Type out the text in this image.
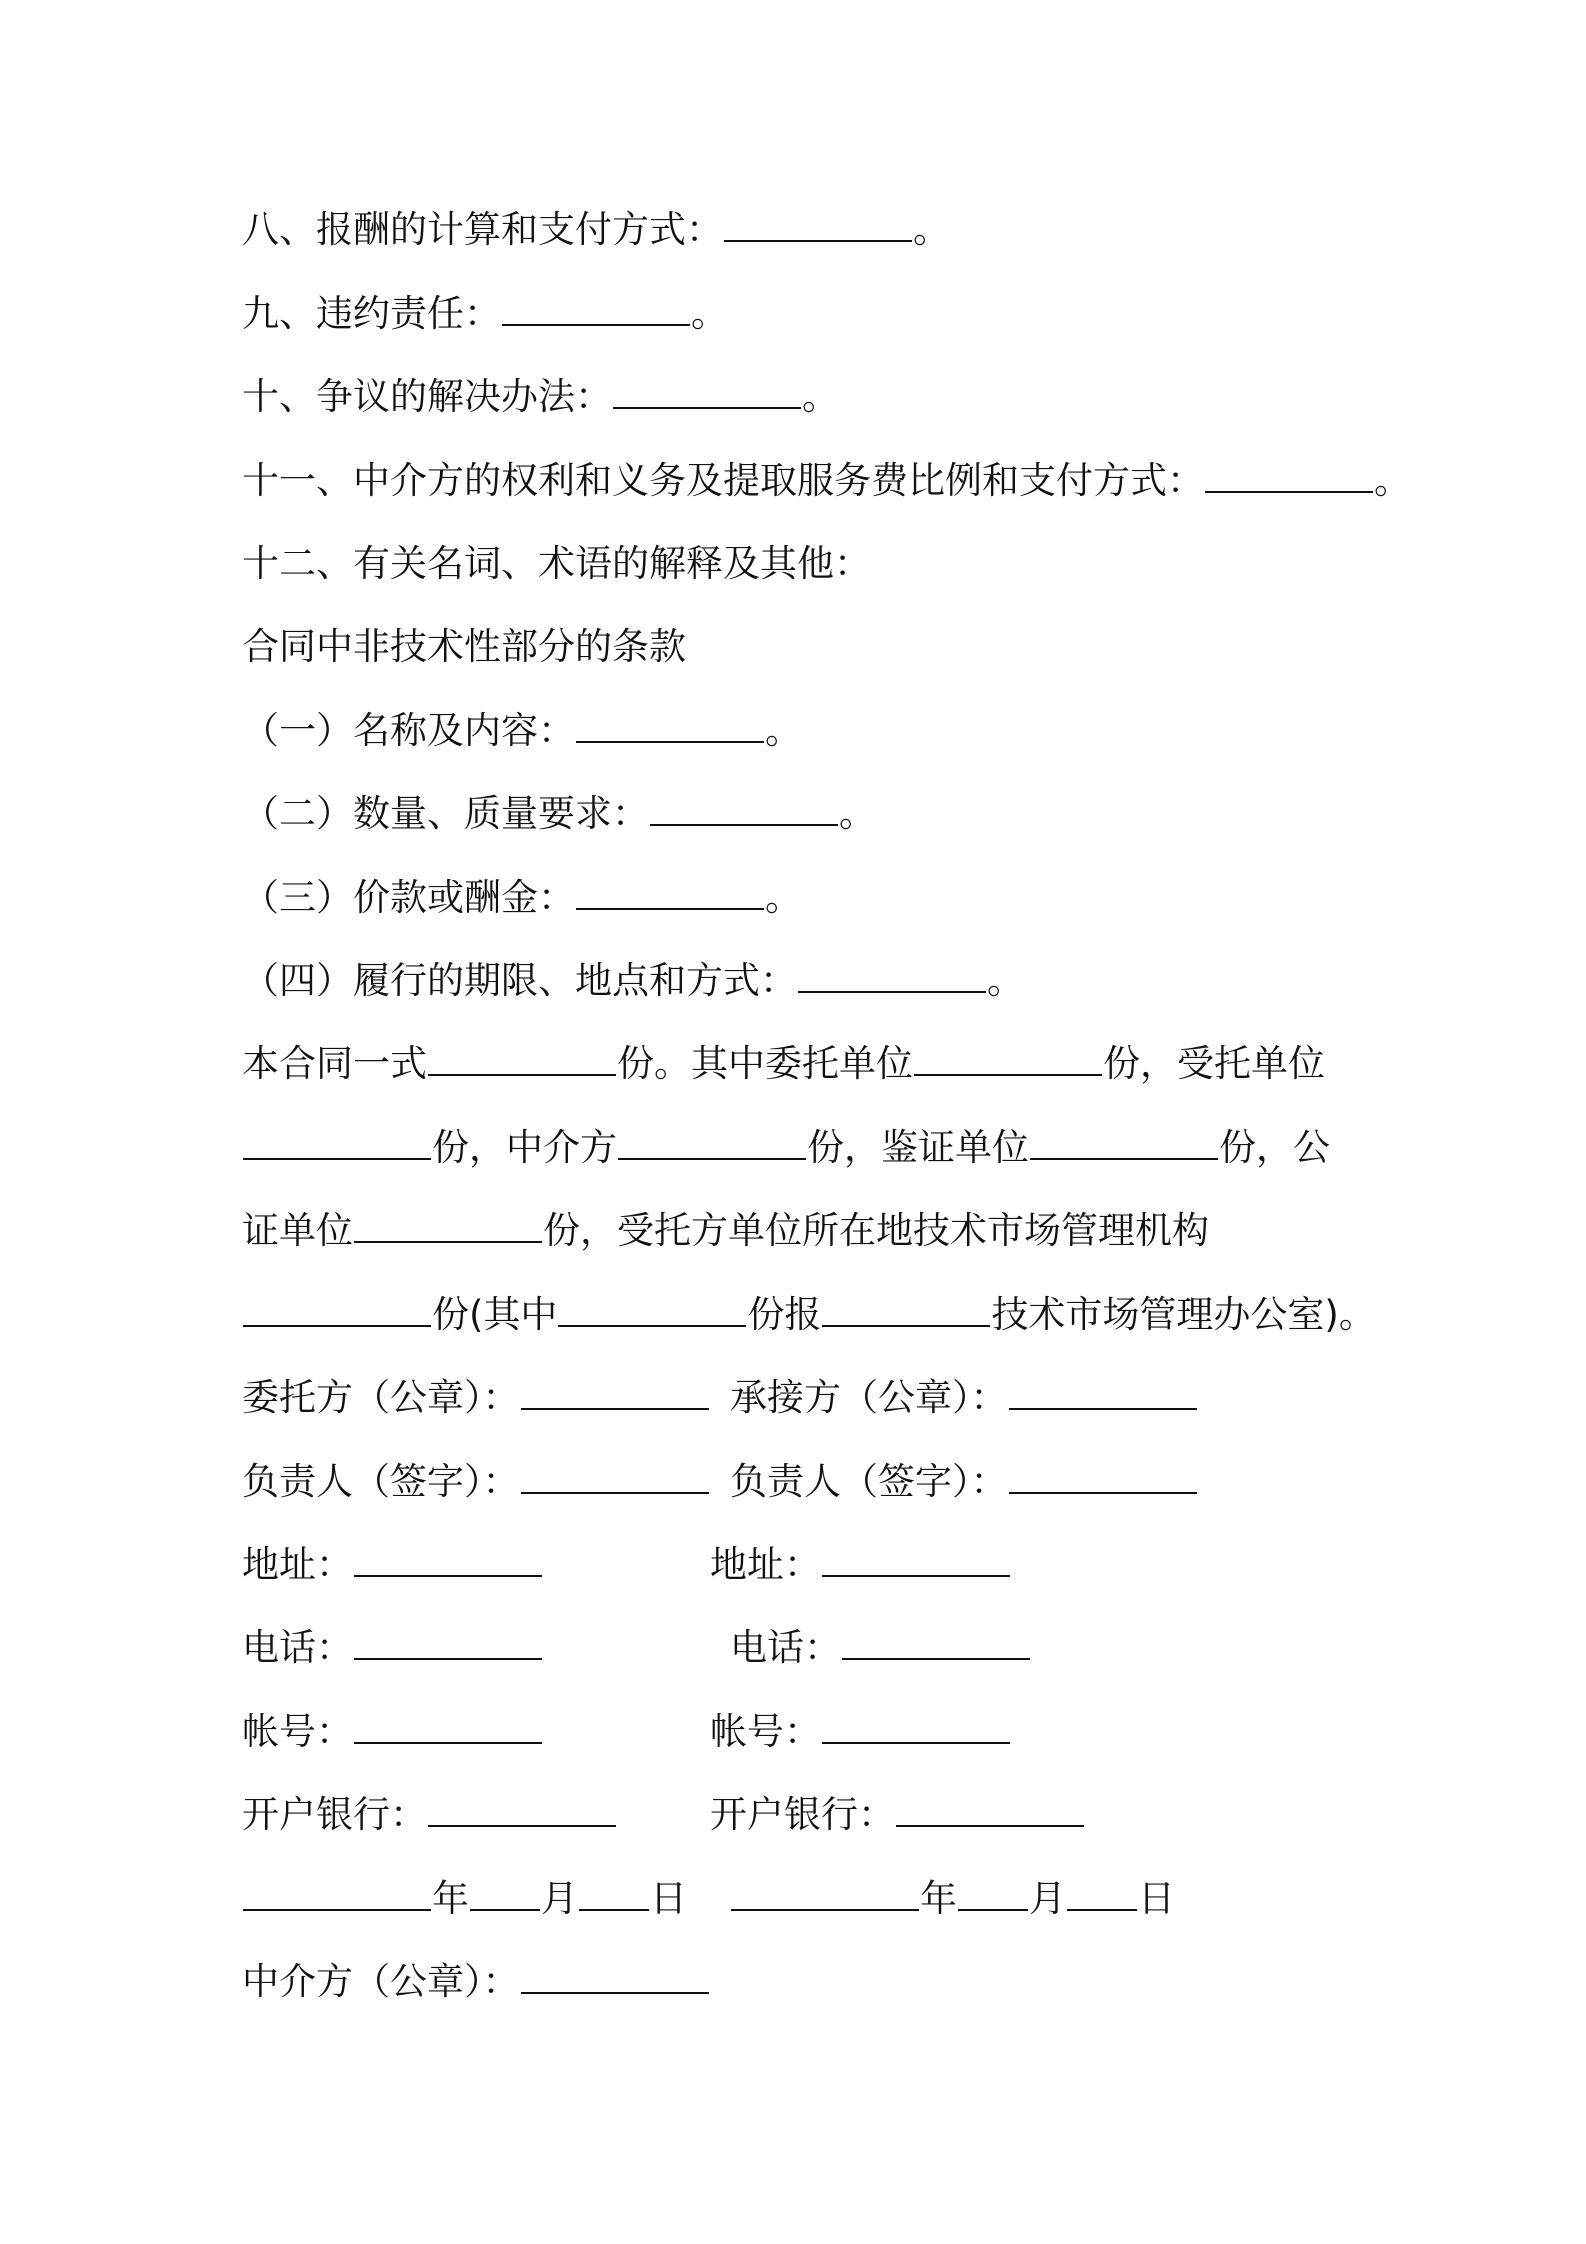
八、报酬的计算和支付方式：	。
九、违约责任：	。
十、争议的解决办法：	。
十一、中介方的权利和义务及提取服务费比例和支付方式：	。
十二、有关名词、术语的解释及其他：
合同中非技术性部分的条款
（一）名称及内容：	。
（二）数量、质量要求：	。
（三）价款或酬金：	。
（四）履行的期限、地点和方式：	。
本合同一式	份。其中委托单位	份，受托单位
份，中介方	份，鉴证单位	份，公
证单位	份，受托方单位所在地技术市场管理机构
份(其中	份报	技术市场管理办公室)。
委托方（公章）：	承接方（公章）：
负责人（签字）：	负责人（签字）：
地址：	地址：
电话：	电话：
帐号：	帐号：
开户银行：	开户银行：
年 月 日	年 月 日
中介方（公章）：
